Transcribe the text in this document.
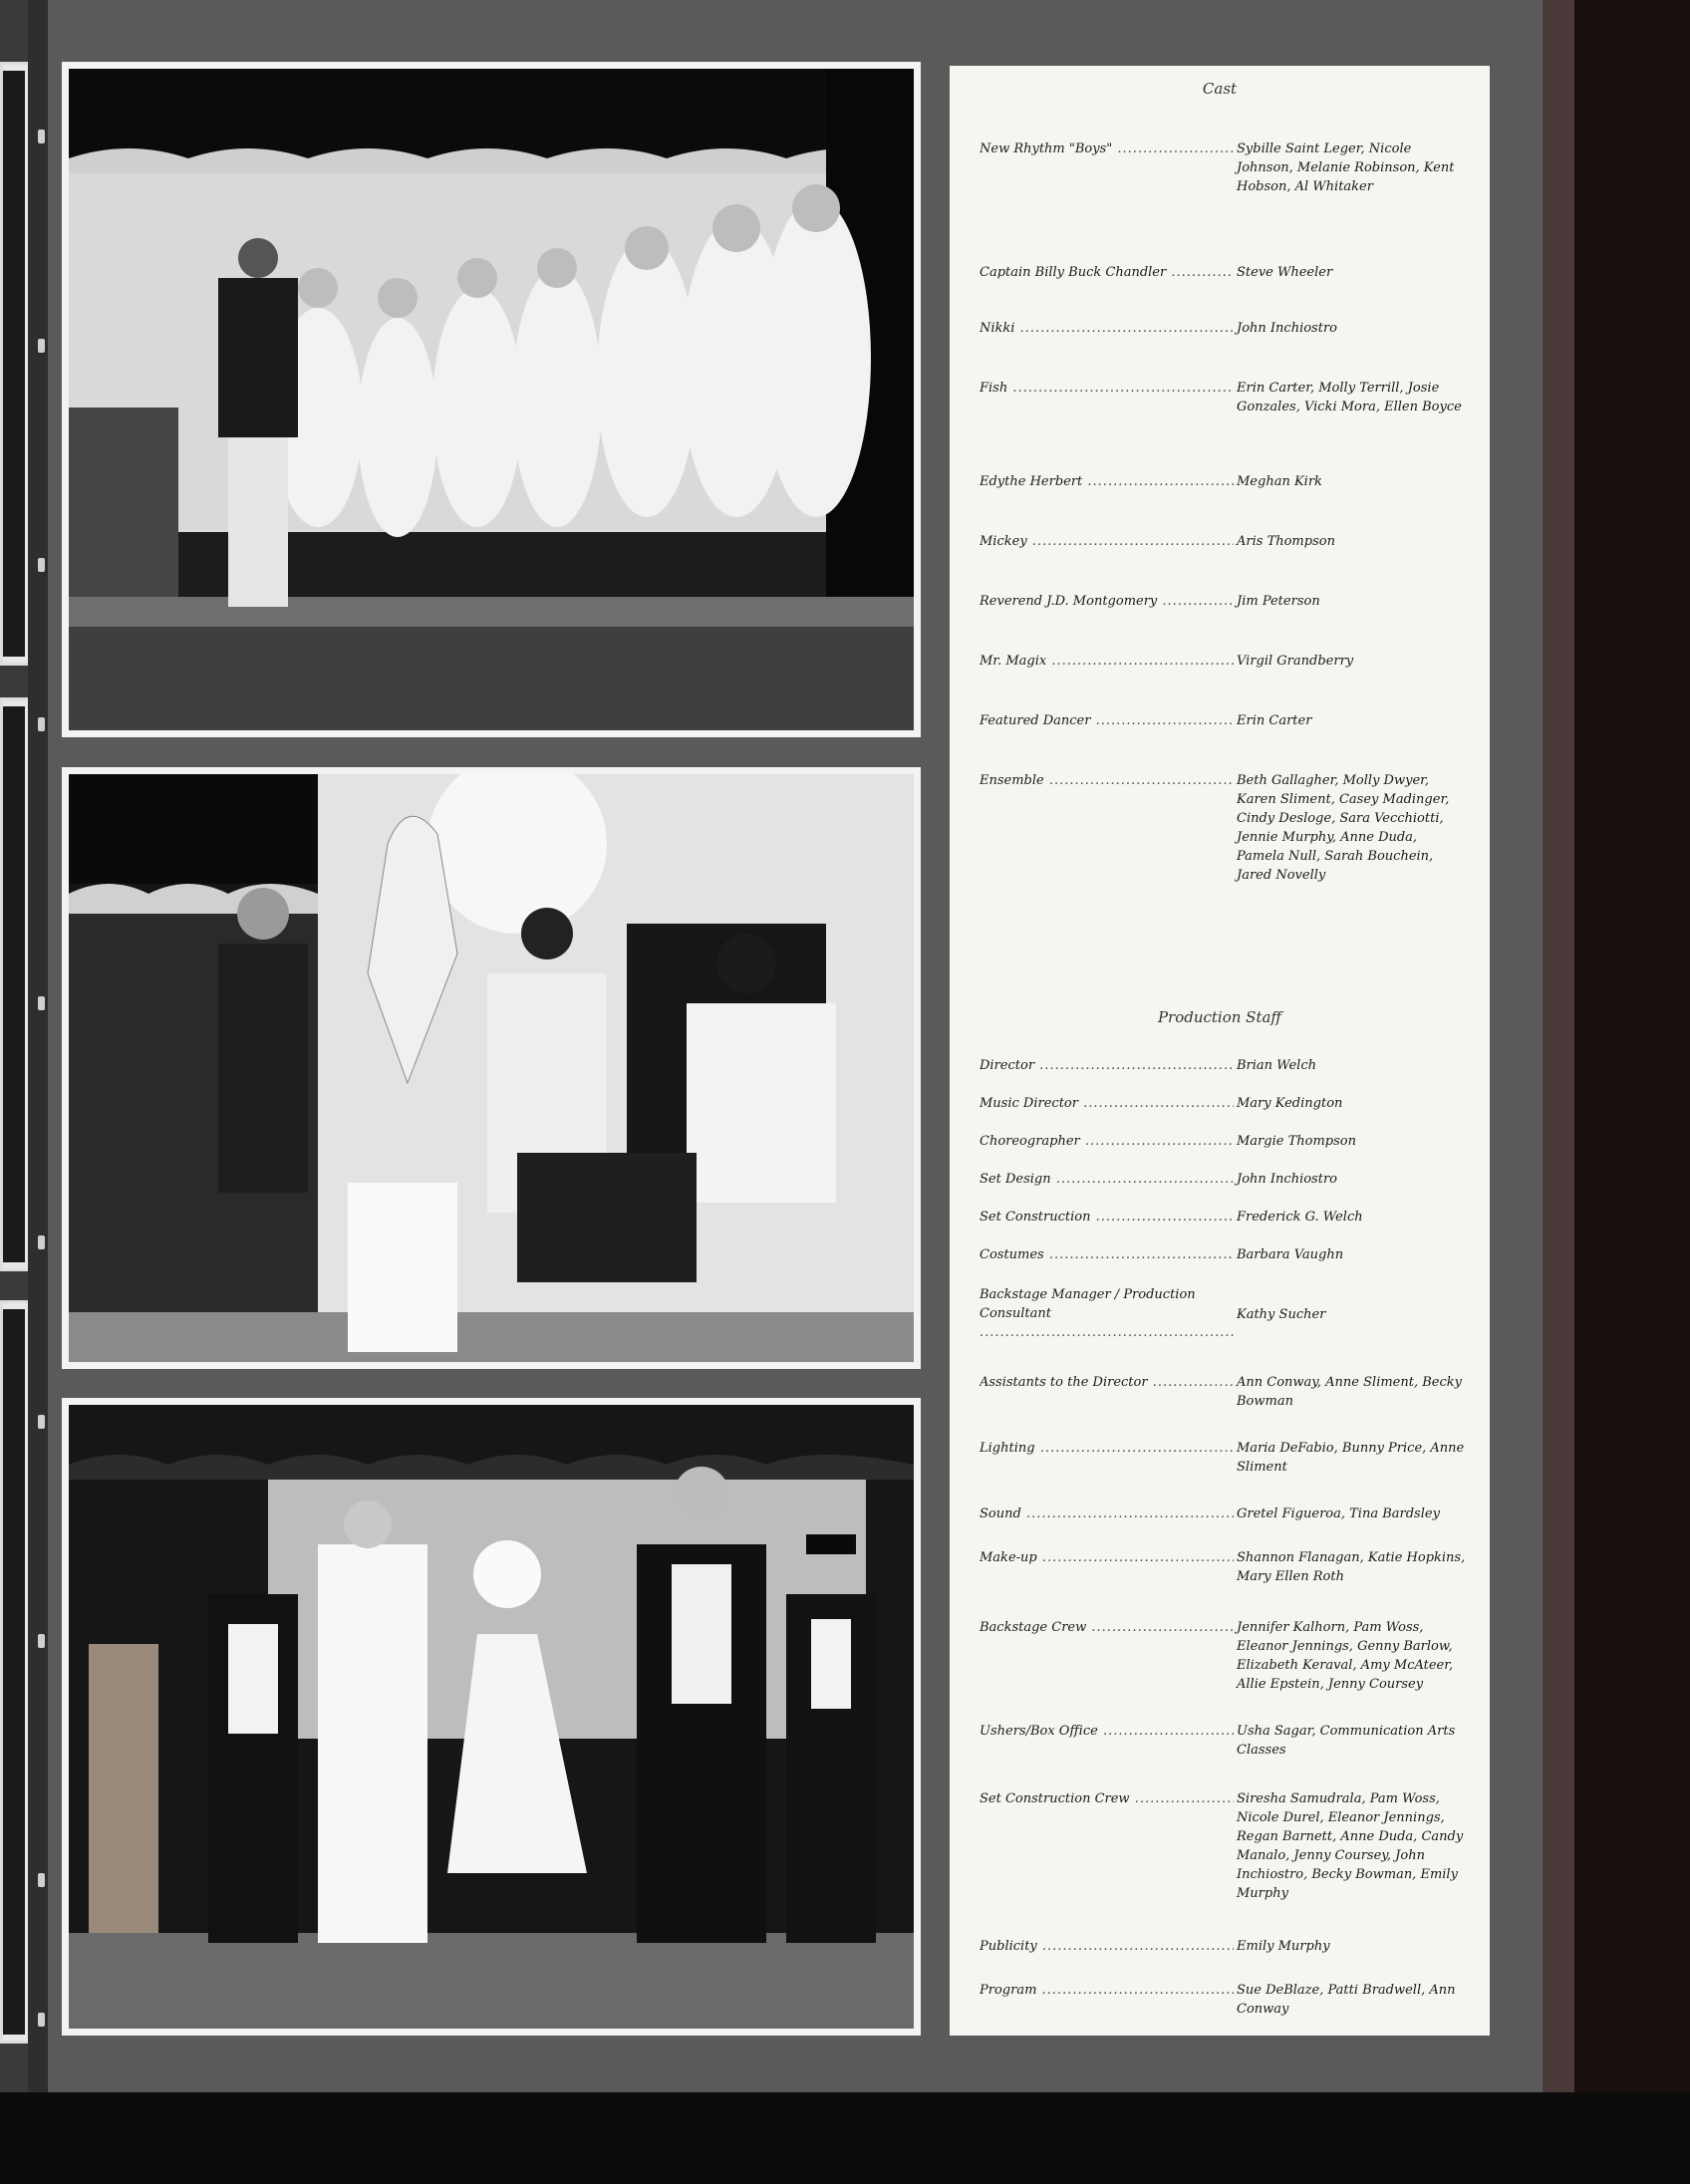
Cast
New Rhythm "Boys" .....	Sybille Saint Leger, Nicole Johnson, Melanie Robinson, Kent Hobson, Al Whitaker
Captain Billy Buck Chandler .....	Steve Wheeler
Nikki .....	John Inchiostro
Fish .....	Erin Carter, Molly Terrill, Josie Gonzales, Vicki Mora, Ellen Boyce
Edythe Herbert .....	Meghan Kirk
Mickey .....	Aris Thompson
Reverend J.D. Montgomery .....	Jim Peterson
Mr. Magix .....	Virgil Grandberry
Featured Dancer .....	Erin Carter
Ensemble .....	Beth Gallagher, Molly Dwyer, Karen Sliment, Casey Madinger, Cindy Desloge, Sara Vecchiotti, Jennie Murphy, Anne Duda, Pamela Null, Sarah Bouchein, Jared Novelly
Production Staff
Director .....	Brian Welch
Music Director .....	Mary Kedington
Choreographer .....	Margie Thompson
Set Design .....	John Inchiostro
Set Construction .....	Frederick G. Welch
Costumes .....	Barbara Vaughn
Backstage Manager / Production Consultant .....	Kathy Sucher
Assistants to the Director .....	Ann Conway, Anne Sliment, Becky Bowman
Lighting .....	Maria DeFabio, Bunny Price, Anne Sliment
Sound .....	Gretel Figueroa, Tina Bardsley
Make-up .....	Shannon Flanagan, Katie Hopkins, Mary Ellen Roth
Backstage Crew .....	Jennifer Kalhorn, Pam Woss, Eleanor Jennings, Genny Barlow, Elizabeth Keraval, Amy McAteer, Allie Epstein, Jenny Coursey
Ushers/Box Office .....	Usha Sagar, Communication Arts Classes
Set Construction Crew .....	Siresha Samudrala, Pam Woss, Nicole Durel, Eleanor Jennings, Regan Barnett, Anne Duda, Candy Manalo, Jenny Coursey, John Inchiostro, Becky Bowman, Emily Murphy
Publicity .....	Emily Murphy
Program .....	Sue DeBlaze, Patti Bradwell, Ann Conway
